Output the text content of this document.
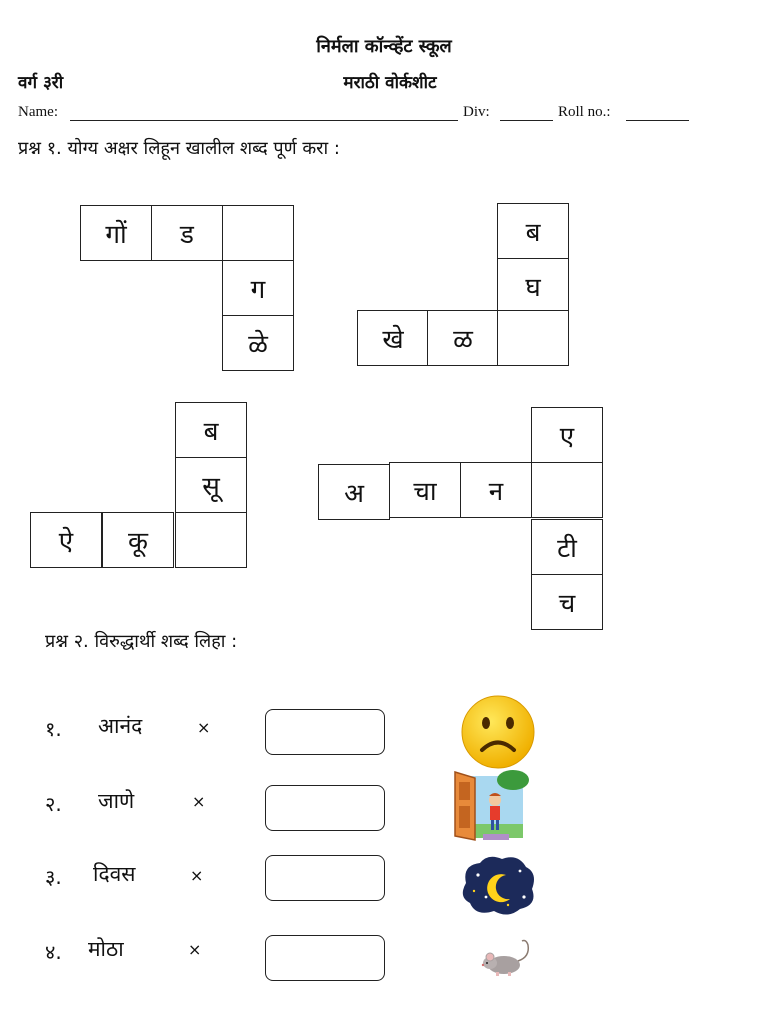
निर्मला कॉन्व्हेंट स्कूल
वर्ग ३री	मराठी वोर्कशीट
Name:	Div:	Roll no.:
प्रश्न १. योग्य अक्षर लिहून खालील शब्द पूर्ण करा :
गों	ड
ग
ळे
ब
घ
खे	ळ
ब
सू
ऐ	कू
ए
अ	चा	न
टी
च
प्रश्न २. विरुद्धार्थी शब्द लिहा :
१. आनंद	×
२. जाणे	×
३. दिवस	×
४. मोठा	×
